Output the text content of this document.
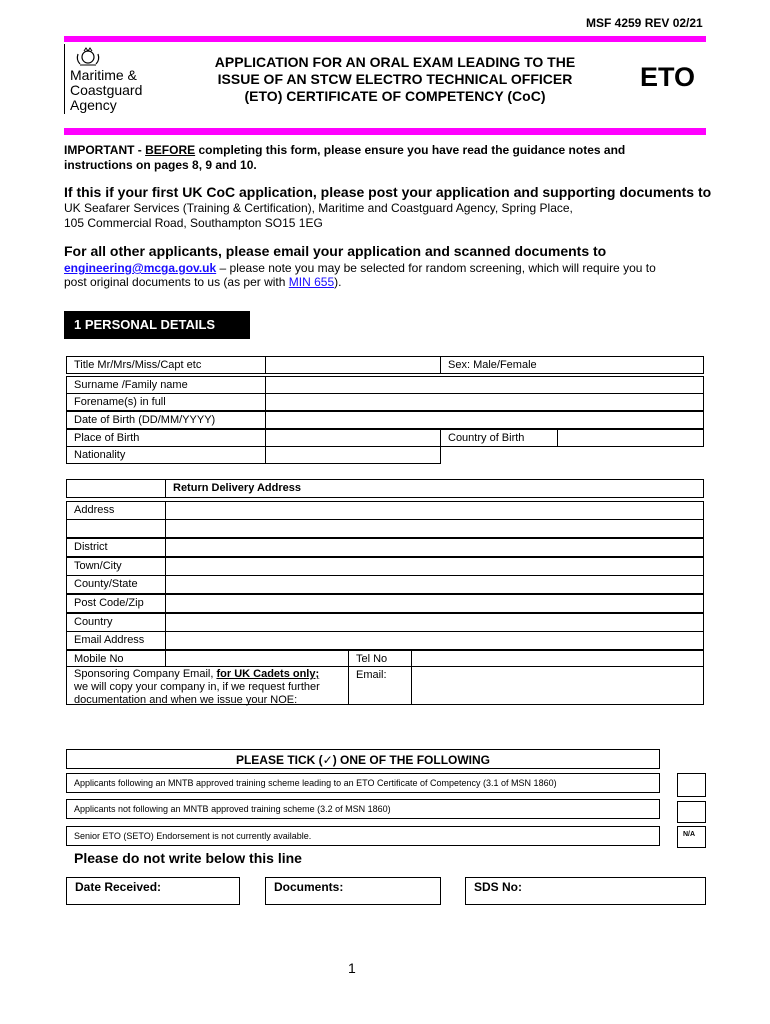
MSF 4259 REV 02/21
Maritime &
Coastguard
Agency
APPLICATION FOR AN ORAL EXAM LEADING TO THE
ISSUE OF AN STCW ELECTRO TECHNICAL OFFICER
(ETO) CERTIFICATE OF COMPETENCY (CoC)
ETO
IMPORTANT - BEFORE completing this form, please ensure you have read the guidance notes and
instructions on pages 8, 9 and 10.
If this if your first UK CoC application, please post your application and supporting documents to
UK Seafarer Services (Training & Certification), Maritime and Coastguard Agency, Spring Place,
105 Commercial Road, Southampton SO15 1EG
For all other applicants, please email your application and scanned documents to
engineering@mcga.gov.uk – please note you may be selected for random screening, which will require you to
post original documents to us (as per with MIN 655).
1 PERSONAL DETAILS
Title Mr/Mrs/Miss/Capt etc	Sex: Male/Female
Surname /Family name
Forename(s) in full
Date of Birth (DD/MM/YYYY)
Place of Birth	Country of Birth
Nationality
Return Delivery Address
Address
District
Town/City
County/State
Post Code/Zip
Country
Email Address
Mobile No	Tel No
Sponsoring Company Email, for UK Cadets only;
we will copy your company in, if we request further
documentation and when we issue your NOE:
Email:
PLEASE TICK (✓) ONE OF THE FOLLOWING
Applicants following an MNTB approved training scheme leading to an ETO Certificate of Competency (3.1 of MSN 1860)
Applicants not following an MNTB approved training scheme (3.2 of MSN 1860)
Senior ETO (SETO) Endorsement is not currently available.	N/A
Please do not write below this line
Date Received:	Documents:	SDS No:
1
